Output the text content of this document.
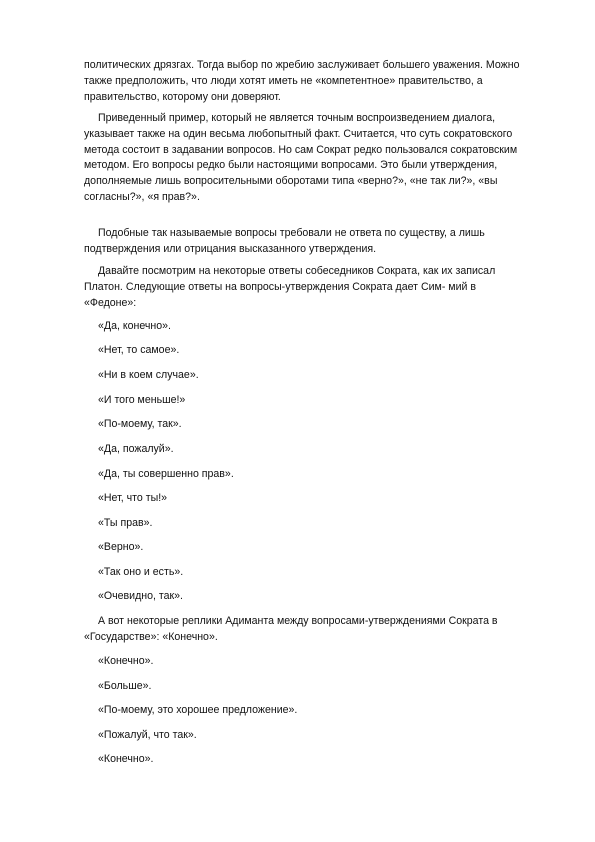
политических дрязгах. Тогда выбор по жребию заслуживает большего уважения. Можно также предположить, что люди хотят иметь не «компетентное» правительство, а правительство, которому они доверяют.

Приведенный пример, который не является точным воспроизведением диалога, указывает также на один весьма любопытный факт. Считается, что суть сократовского метода состоит в задавании вопросов. Но сам Сократ редко пользовался сократовским методом. Его вопросы редко были настоящими вопросами. Это были утверждения, дополняемые лишь вопросительными оборотами типа «верно?», «не так ли?», «вы согласны?», «я прав?».

Подобные так называемые вопросы требовали не ответа по существу, а лишь подтверждения или отрицания высказанного утверждения.

Давайте посмотрим на некоторые ответы собеседников Сократа, как их записал Платон. Следующие ответы на вопросы-утверждения Сократа дает Сим- мий в «Федоне»:

«Да, конечно».

«Нет, то самое».

«Ни в коем случае».

«И того меньше!»

«По-моему, так».

«Да, пожалуй».

«Да, ты совершенно прав».

«Нет, что ты!»

«Ты прав».

«Верно».

«Так оно и есть».

«Очевидно, так».

А вот некоторые реплики Адиманта между вопросами-утверждениями Сократа в «Государстве»: «Конечно».

«Конечно».

«Больше».

«По-моему, это хорошее предложение».

«Пожалуй, что так».

«Конечно».
